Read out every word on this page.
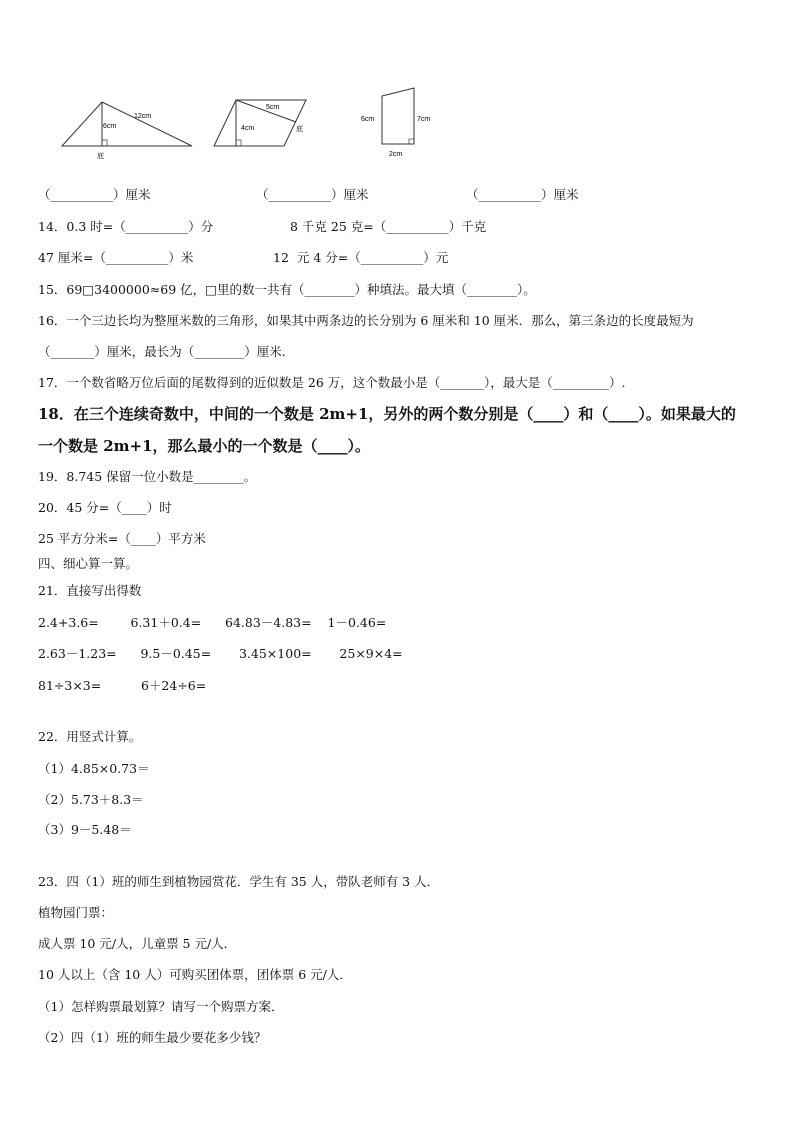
12cm
6cm
底
5cm
4cm	底
6cm	7cm
2cm
（__________）厘米	（__________）厘米	（__________）厘米
14．0.3 时=（__________）分	8 千克 25 克=（__________）千克
47 厘米=（__________）米	12  元 4 分=（__________）元
15．69□3400000≈69 亿，□里的数一共有（________）种填法。最大填（________）。
16．一个三边长均为整厘米数的三角形，如果其中两条边的长分别为 6 厘米和 10 厘米．那么，第三条边的长度最短为
（_______）厘米，最长为（________）厘米.
17．一个数省略万位后面的尾数得到的近似数是 26 万，这个数最小是（_______），最大是（_________）.
18．在三个连续奇数中，中间的一个数是 2m+1，另外的两个数分别是（____）和（____）。如果最大的
一个数是 2m+1，那么最小的一个数是（____）。
19．8.745 保留一位小数是________。
20．45 分=（____）时
25 平方分米=（____）平方米
四、细心算一算。
21．直接写出得数
2.4+3.6=        6.31＋0.4=      64.83－4.83=    1－0.46=
2.63－1.23=      9.5－0.45=       3.45×100=       25×9×4=
81÷3×3=          6＋24÷6=
22．用竖式计算。
（1）4.85×0.73＝
（2）5.73＋8.3＝
（3）9－5.48＝
23．四（1）班的师生到植物园赏花．学生有 35 人，带队老师有 3 人．
植物园门票：
成人票 10 元/人，儿童票 5 元/人．
10 人以上（含 10 人）可购买团体票，团体票 6 元/人．
（1）怎样购票最划算？请写一个购票方案．
（2）四（1）班的师生最少要花多少钱？
